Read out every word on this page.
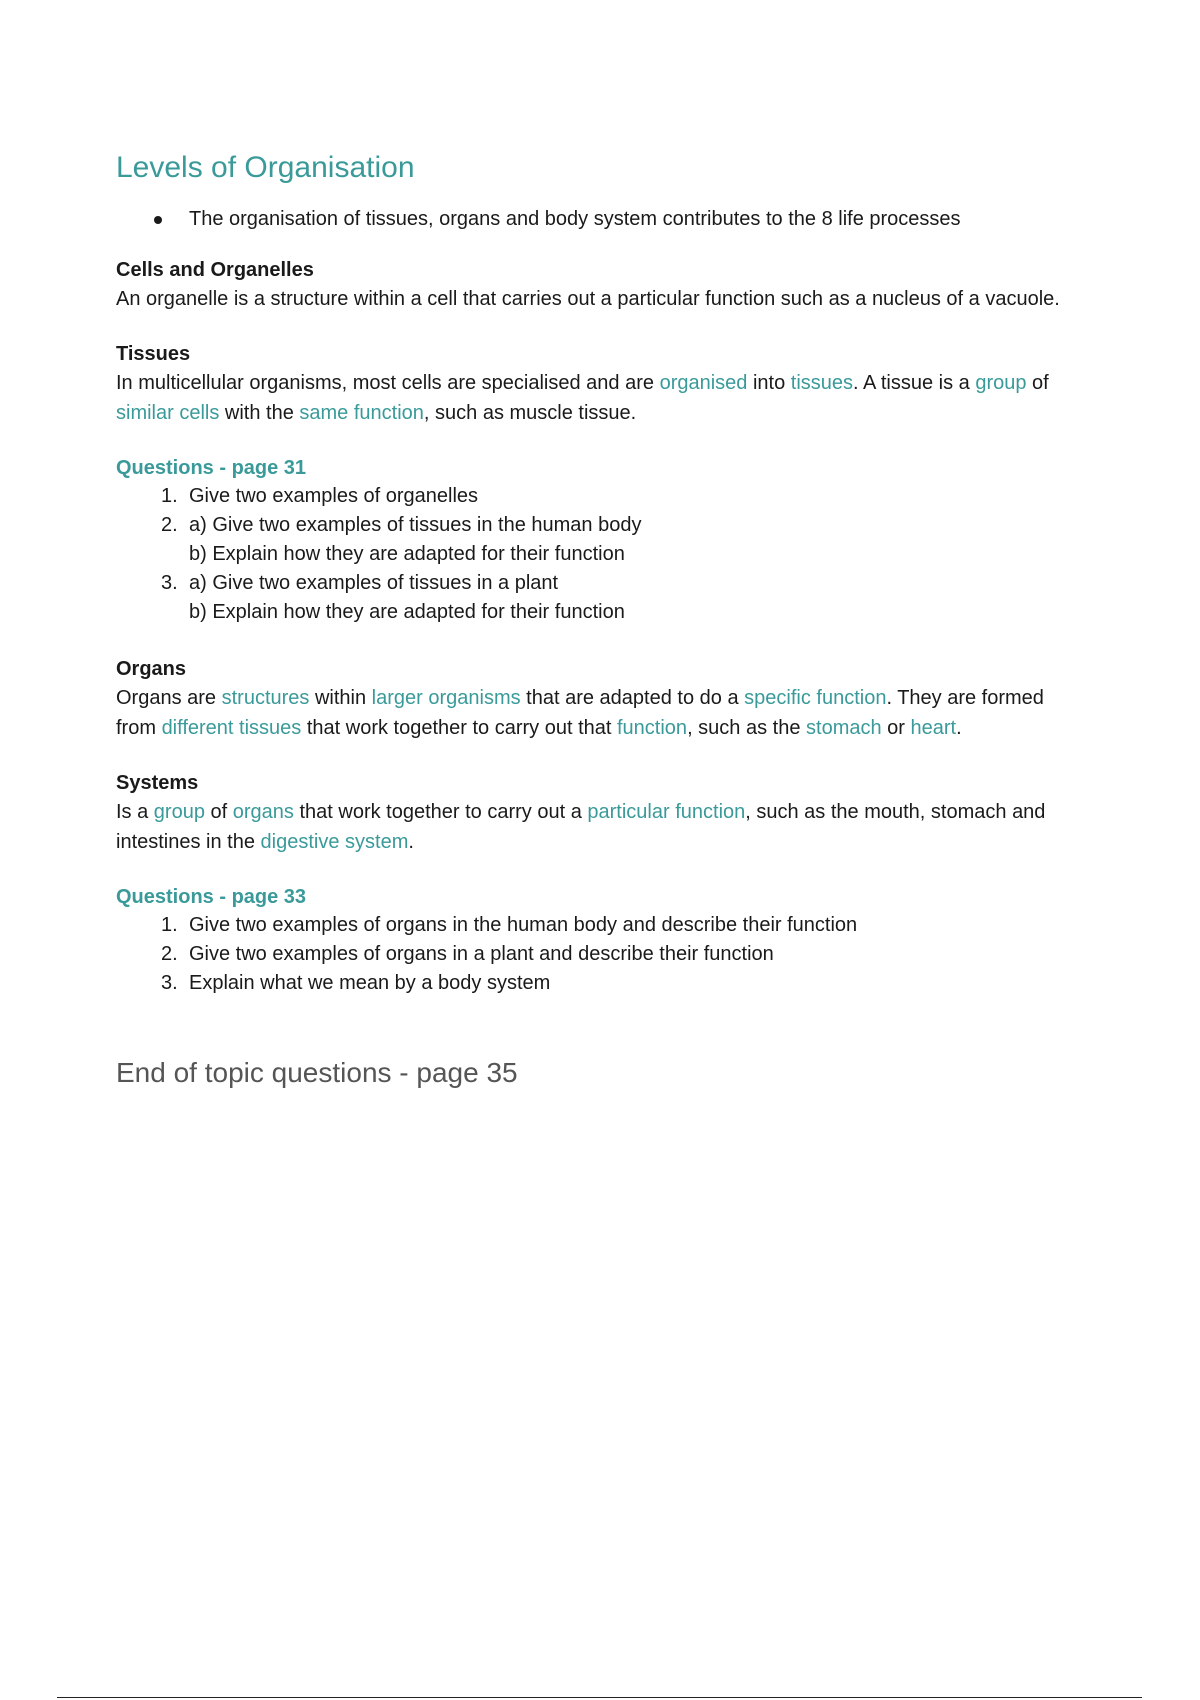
Levels of Organisation
The organisation of tissues, organs and body system contributes to the 8 life processes

Cells and Organelles

An organelle is a structure within a cell that carries out a particular function such as a nucleus of a vacuole.

Tissues

In multicellular organisms, most cells are specialised and are organised into tissues. A tissue is a group of similar cells with the same function, such as muscle tissue.

Questions - page 31

1. Give two examples of organelles
2. a) Give two examples of tissues in the human body
b) Explain how they are adapted for their function
3. a) Give two examples of tissues in a plant
b) Explain how they are adapted for their function

Organs

Organs are structures within larger organisms that are adapted to do a specific function. They are formed from different tissues that work together to carry out that function, such as the stomach or heart.

Systems

Is a group of organs that work together to carry out a particular function, such as the mouth, stomach and intestines in the digestive system.

Questions - page 33

1. Give two examples of organs in the human body and describe their function
2. Give two examples of organs in a plant and describe their function
3. Explain what we mean by a body system
End of topic questions - page 35
